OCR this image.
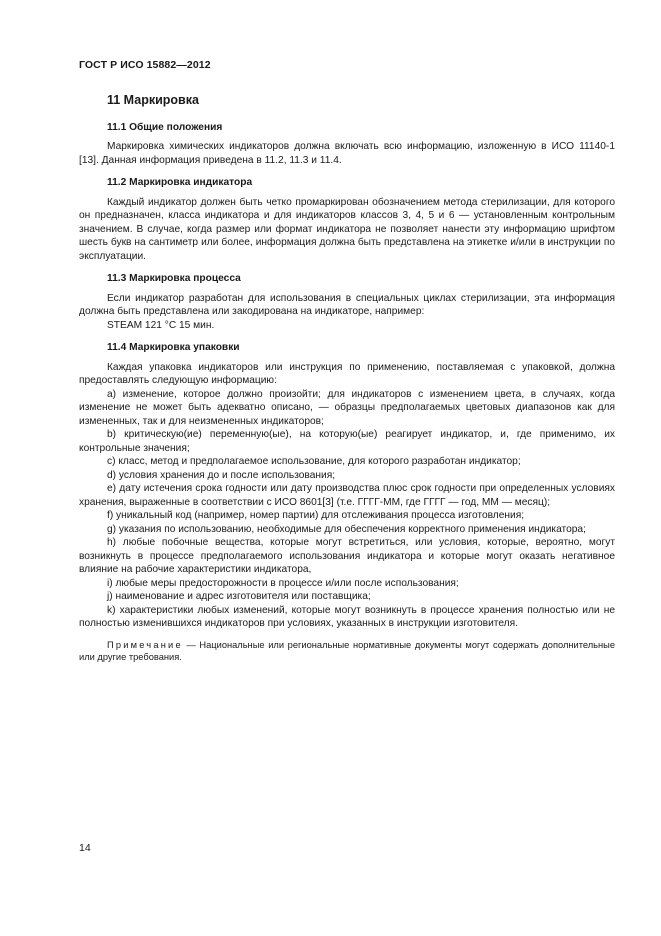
ГОСТ Р ИСО 15882—2012
11 Маркировка
11.1 Общие положения

Маркировка химических индикаторов должна включать всю информацию, изложенную в ИСО 11140-1 [13]. Данная информация приведена в 11.2, 11.3 и 11.4.

11.2 Маркировка индикатора

Каждый индикатор должен быть четко промаркирован обозначением метода стерилизации, для которого он предназначен, класса индикатора и для индикаторов классов 3, 4, 5 и 6 — установленным контрольным значением. В случае, когда размер или формат индикатора не позволяет нанести эту информацию шрифтом шесть букв на сантиметр или более, информация должна быть представлена на этикетке и/или в инструкции по эксплуатации.

11.3 Маркировка процесса

Если индикатор разработан для использования в специальных циклах стерилизации, эта информация должна быть представлена или закодирована на индикаторе, например:

STEAM 121 °C 15 мин.

11.4 Маркировка упаковки

Каждая упаковка индикаторов или инструкция по применению, поставляемая с упаковкой, должна предоставлять следующую информацию:

a) изменение, которое должно произойти; для индикаторов с изменением цвета, в случаях, когда изменение не может быть адекватно описано, — образцы предполагаемых цветовых диапазонов как для измененных, так и для неизмененных индикаторов;

b) критическую(ие) переменную(ые), на которую(ые) реагирует индикатор, и, где применимо, их контрольные значения;

c) класс, метод и предполагаемое использование, для которого разработан индикатор;

d) условия хранения до и после использования;

e) дату истечения срока годности или дату производства плюс срок годности при определенных условиях хранения, выраженные в соответствии с ИСО 8601[3] (т.е. ГГГГ-ММ, где ГГГГ — год, ММ — месяц);

f) уникальный код (например, номер партии) для отслеживания процесса изготовления;

g) указания по использованию, необходимые для обеспечения корректного применения индикатора;

h) любые побочные вещества, которые могут встретиться, или условия, которые, вероятно, могут возникнуть в процессе предполагаемого использования индикатора и которые могут оказать негативное влияние на рабочие характеристики индикатора,

i) любые меры предосторожности в процессе и/или после использования;

j) наименование и адрес изготовителя или поставщика;

k) характеристики любых изменений, которые могут возникнуть в процессе хранения полностью или не полностью изменившихся индикаторов при условиях, указанных в инструкции изготовителя.

Примечание — Национальные или региональные нормативные документы могут содержать дополнительные или другие требования.
14
